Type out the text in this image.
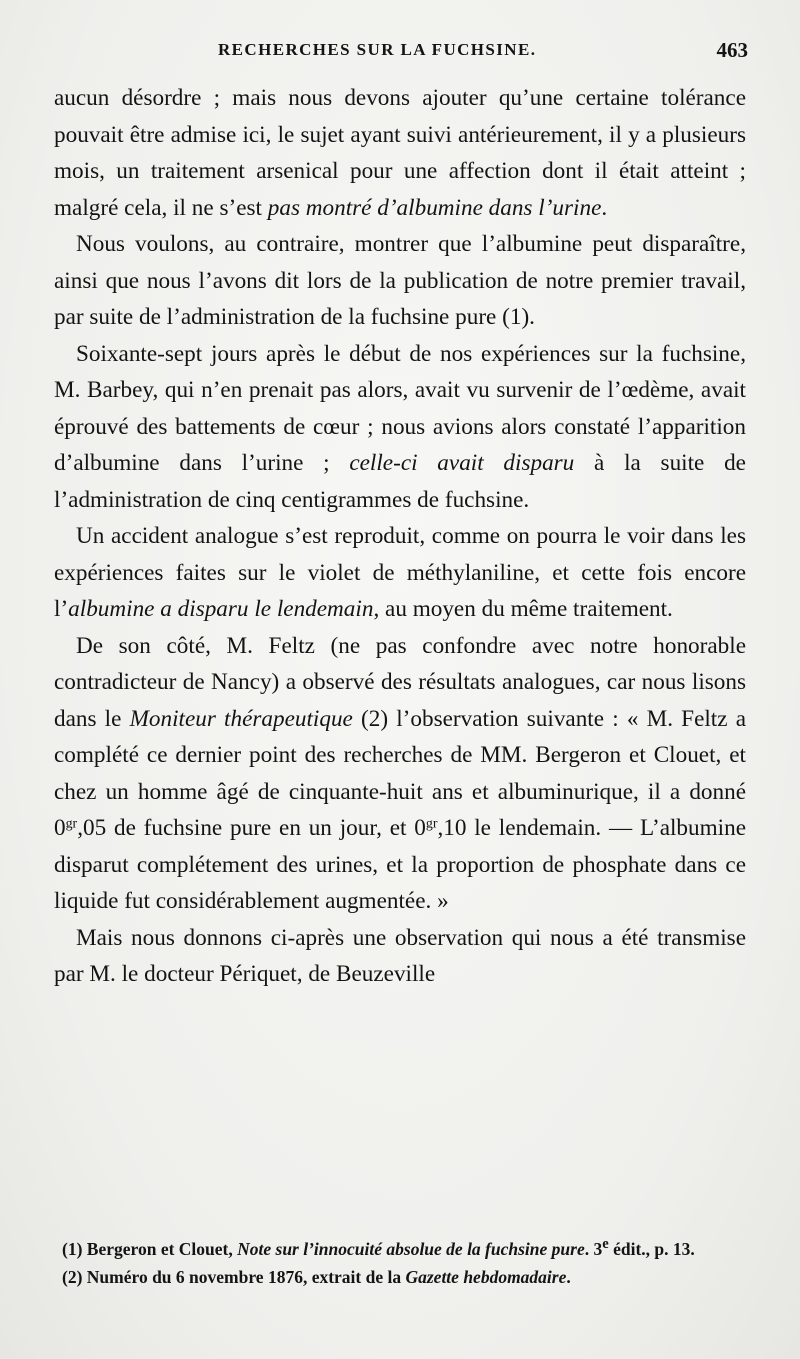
RECHERCHES SUR LA FUCHSINE.	463

aucun désordre ; mais nous devons ajouter qu’une certaine tolérance pouvait être admise ici, le sujet ayant suivi antérieurement, il y a plusieurs mois, un traitement arsenical pour une affection dont il était atteint ; malgré cela, il ne s’est pas montré d’albumine dans l’urine.

Nous voulons, au contraire, montrer que l’albumine peut disparaître, ainsi que nous l’avons dit lors de la publication de notre premier travail, par suite de l’administration de la fuchsine pure (1).

Soixante-sept jours après le début de nos expériences sur la fuchsine, M. Barbey, qui n’en prenait pas alors, avait vu survenir de l’œdème, avait éprouvé des battements de cœur ; nous avions alors constaté l’apparition d’albumine dans l’urine ; celle-ci avait disparu à la suite de l’administration de cinq centigrammes de fuchsine.

Un accident analogue s’est reproduit, comme on pourra le voir dans les expériences faites sur le violet de méthylaniline, et cette fois encore l’albumine a disparu le lendemain, au moyen du même traitement.

De son côté, M. Feltz (ne pas confondre avec notre honorable contradicteur de Nancy) a observé des résultats analogues, car nous lisons dans le Moniteur thérapeutique (2) l’observation suivante : « M. Feltz a complété ce dernier point des recherches de MM. Bergeron et Clouet, et chez un homme âgé de cinquante-huit ans et albuminurique, il a donné $0^{gr},05$ de fuchsine pure en un jour, et $0^{gr},10$ le lendemain. — L’albumine disparut complétement des urines, et la proportion de phosphate dans ce liquide fut considérablement augmentée. »

Mais nous donnons ci-après une observation qui nous a été transmise par M. le docteur Périquet, de Beuzeville

(1) Bergeron et Clouet, Note sur l’innocuité absolue de la fuchsine pure. 3e édit., p. 13.

(2) Numéro du 6 novembre 1876, extrait de la Gazette hebdomadaire.
